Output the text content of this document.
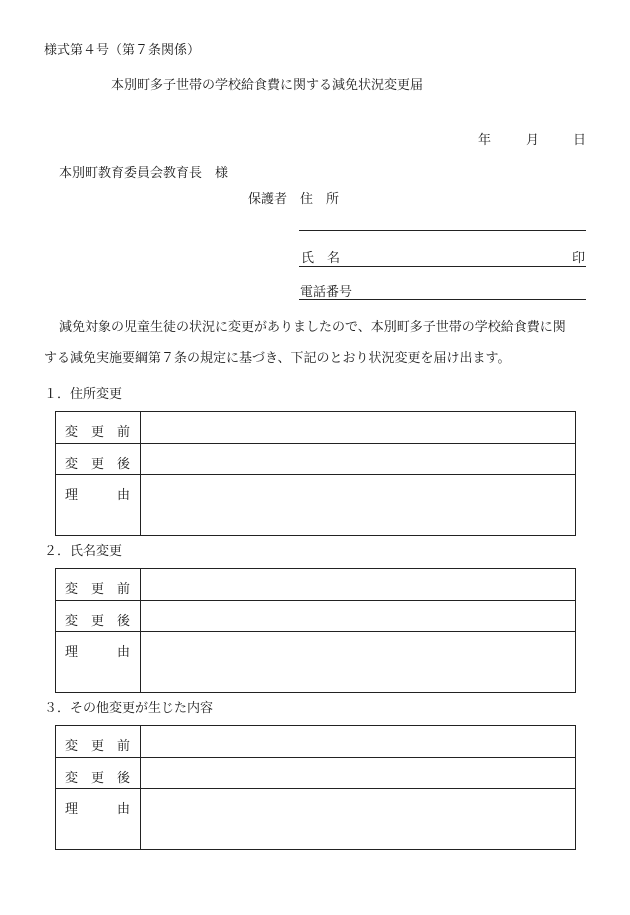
様式第４号（第７条関係）
本別町多子世帯の学校給食費に関する減免状況変更届
年	月	日
本別町教育委員会教育長　様
保護者 住　所
氏　名	印
電話番号
減免対象の児童生徒の状況に変更がありましたので、本別町多子世帯の学校給食費に関
する減免実施要綱第７条の規定に基づき、下記のとおり状況変更を届け出ます。
１．住所変更
変 更 前
変 更 後
理	由
２．氏名変更
変 更 前
変 更 後
理	由
３．その他変更が生じた内容
変 更 前
変 更 後
理	由
